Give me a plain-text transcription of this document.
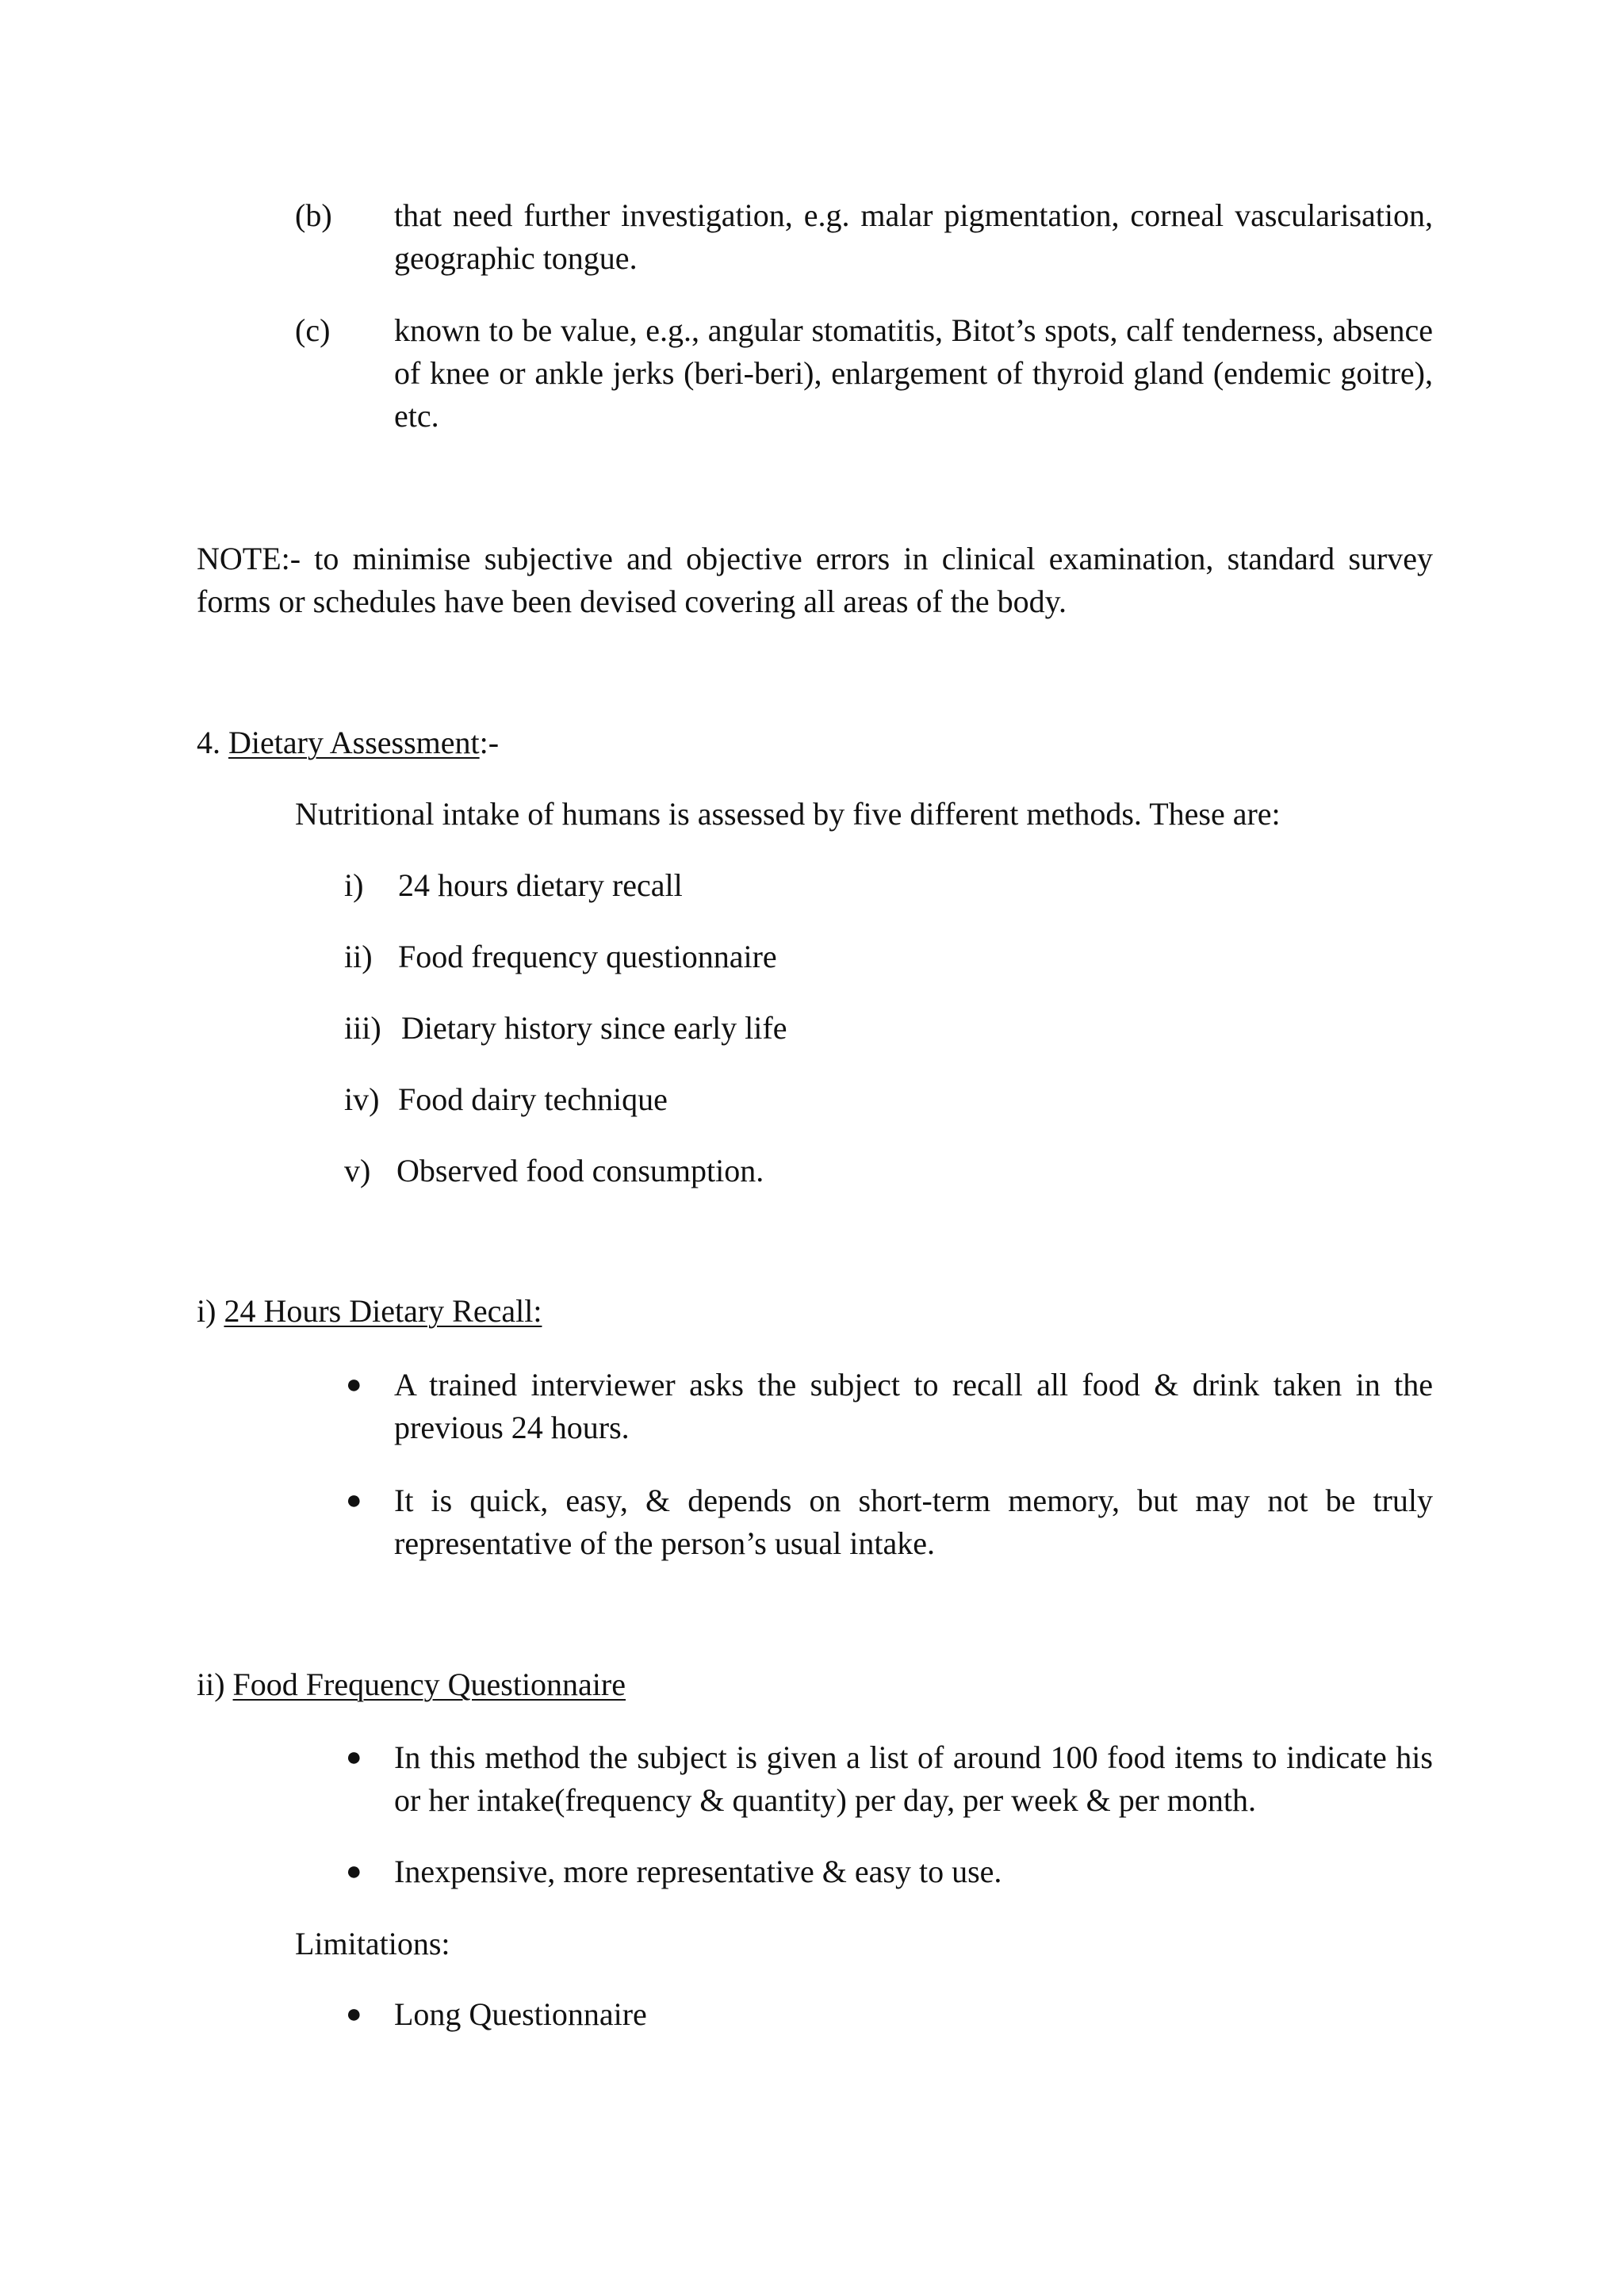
(b) that need further investigation, e.g. malar pigmentation, corneal vascularisation, geographic tongue.
(c) known to be value, e.g., angular stomatitis, Bitot’s spots, calf tenderness, absence of knee or ankle jerks (beri-beri), enlargement of thyroid gland (endemic goitre), etc.
NOTE:- to minimise subjective and objective errors in clinical examination, standard survey forms or schedules have been devised covering all areas of the body.
4. Dietary Assessment:-
Nutritional intake of humans is assessed by five different methods. These are:
i) 24 hours dietary recall
ii) Food frequency questionnaire
iii) Dietary history since early life
iv) Food dairy technique
v) Observed food consumption.
i) 24 Hours Dietary Recall:
● A trained interviewer asks the subject to recall all food & drink taken in the previous 24 hours.
● It is quick, easy, & depends on short-term memory, but may not be truly representative of the person’s usual intake.
ii) Food Frequency Questionnaire
● In this method the subject is given a list of around 100 food items to indicate his or her intake(frequency & quantity) per day, per week & per month.
● Inexpensive, more representative & easy to use.
Limitations:
● Long Questionnaire
